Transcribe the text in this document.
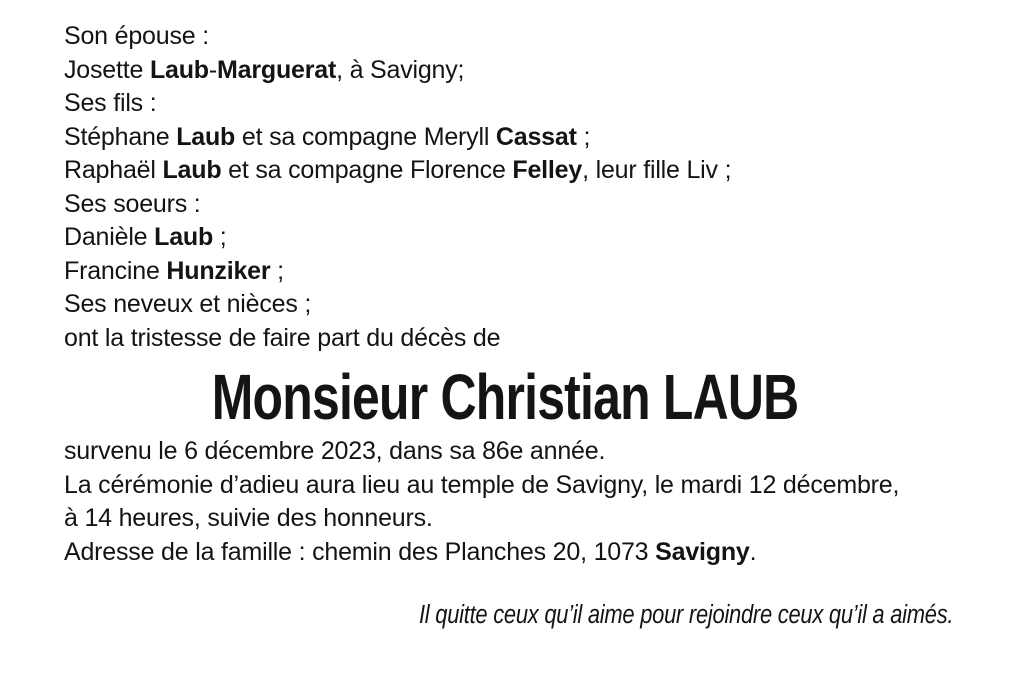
Son épouse :
Josette Laub-Marguerat, à Savigny;
Ses fils :
Stéphane Laub et sa compagne Meryll Cassat ;
Raphaël Laub et sa compagne Florence Felley, leur fille Liv ;
Ses soeurs :
Danièle Laub ;
Francine Hunziker ;
Ses neveux et nièces ;
ont la tristesse de faire part du décès de
Monsieur Christian LAUB
survenu le 6 décembre 2023, dans sa 86e année.
La cérémonie d’adieu aura lieu au temple de Savigny, le mardi 12 décembre,
à 14 heures, suivie des honneurs.
Adresse de la famille : chemin des Planches 20, 1073 Savigny.
Il quitte ceux qu’il aime pour rejoindre ceux qu’il a aimés.
